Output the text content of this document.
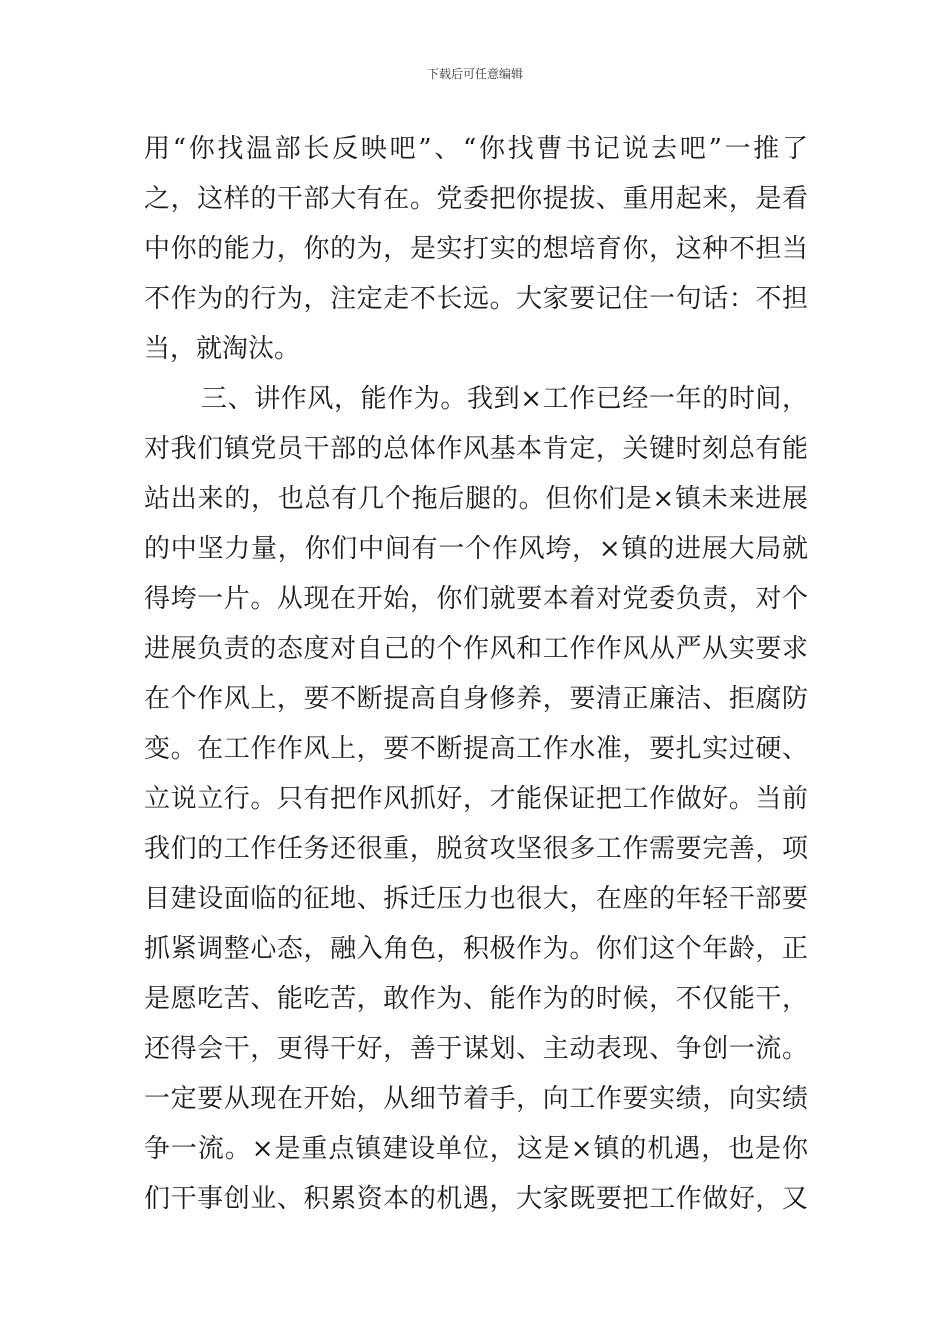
下载后可任意编辑
用“你找温部长反映吧”、“你找曹书记说去吧”一推了
之，这样的干部大有在。党委把你提拔、重用起来，是看
中你的能力，你的为，是实打实的想培育你，这种不担当
不作为的行为，注定走不长远。大家要记住一句话：不担
当，就淘汰。
三、讲作风，能作为。我到×工作已经一年的时间，
对我们镇党员干部的总体作风基本肯定，关键时刻总有能
站出来的，也总有几个拖后腿的。但你们是×镇未来进展
的中坚力量，你们中间有一个作风垮，×镇的进展大局就
得垮一片。从现在开始，你们就要本着对党委负责，对个
进展负责的态度对自己的个作风和工作作风从严从实要求
在个作风上，要不断提高自身修养，要清正廉洁、拒腐防
变。在工作作风上，要不断提高工作水准，要扎实过硬、
立说立行。只有把作风抓好，才能保证把工作做好。当前
我们的工作任务还很重，脱贫攻坚很多工作需要完善，项
目建设面临的征地、拆迁压力也很大，在座的年轻干部要
抓紧调整心态，融入角色，积极作为。你们这个年龄，正
是愿吃苦、能吃苦，敢作为、能作为的时候，不仅能干，
还得会干，更得干好，善于谋划、主动表现、争创一流。
一定要从现在开始，从细节着手，向工作要实绩，向实绩
争一流。×是重点镇建设单位，这是×镇的机遇，也是你
们干事创业、积累资本的机遇，大家既要把工作做好，又
